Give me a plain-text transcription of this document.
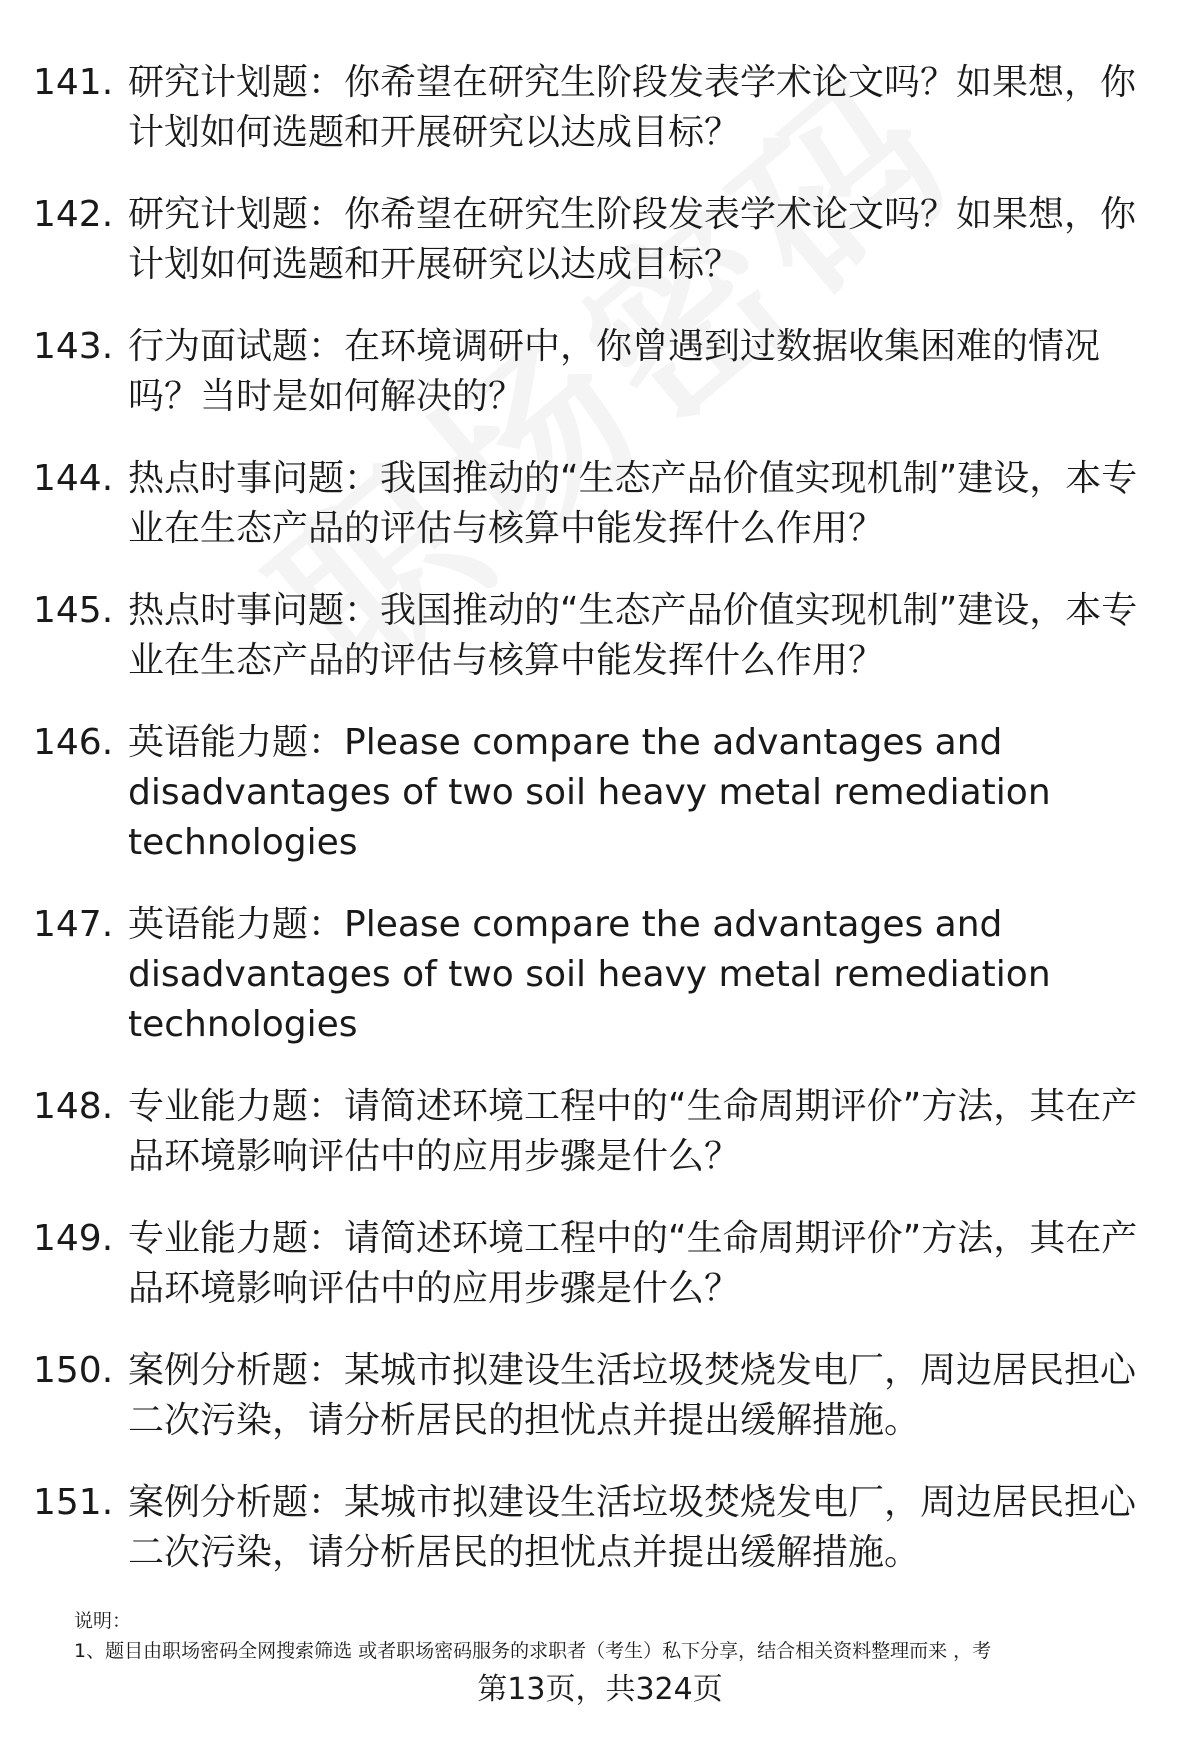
141. 研究计划题：你希望在研究生阶段发表学术论文吗？如果想，你计划如何选题和开展研究以达成目标？
142. 研究计划题：你希望在研究生阶段发表学术论文吗？如果想，你计划如何选题和开展研究以达成目标？
143. 行为面试题：在环境调研中，你曾遇到过数据收集困难的情况吗？当时是如何解决的？
144. 热点时事问题：我国推动的“生态产品价值实现机制”建设，本专业在生态产品的评估与核算中能发挥什么作用？
145. 热点时事问题：我国推动的“生态产品价值实现机制”建设，本专业在生态产品的评估与核算中能发挥什么作用？
146. 英语能力题：Please compare the advantages and disadvantages of two soil heavy metal remediation technologies
147. 英语能力题：Please compare the advantages and disadvantages of two soil heavy metal remediation technologies
148. 专业能力题：请简述环境工程中的“生命周期评价”方法，其在产品环境影响评估中的应用步骤是什么？
149. 专业能力题：请简述环境工程中的“生命周期评价”方法，其在产品环境影响评估中的应用步骤是什么？
150. 案例分析题：某城市拟建设生活垃圾焚烧发电厂，周边居民担心二次污染，请分析居民的担忧点并提出缓解措施。
151. 案例分析题：某城市拟建设生活垃圾焚烧发电厂，周边居民担心二次污染，请分析居民的担忧点并提出缓解措施。
说明：
1、题目由职场密码全网搜索筛选 或者职场密码服务的求职者（考生）私下分享，结合相关资料整理而来 ，考
第13页，共324页
